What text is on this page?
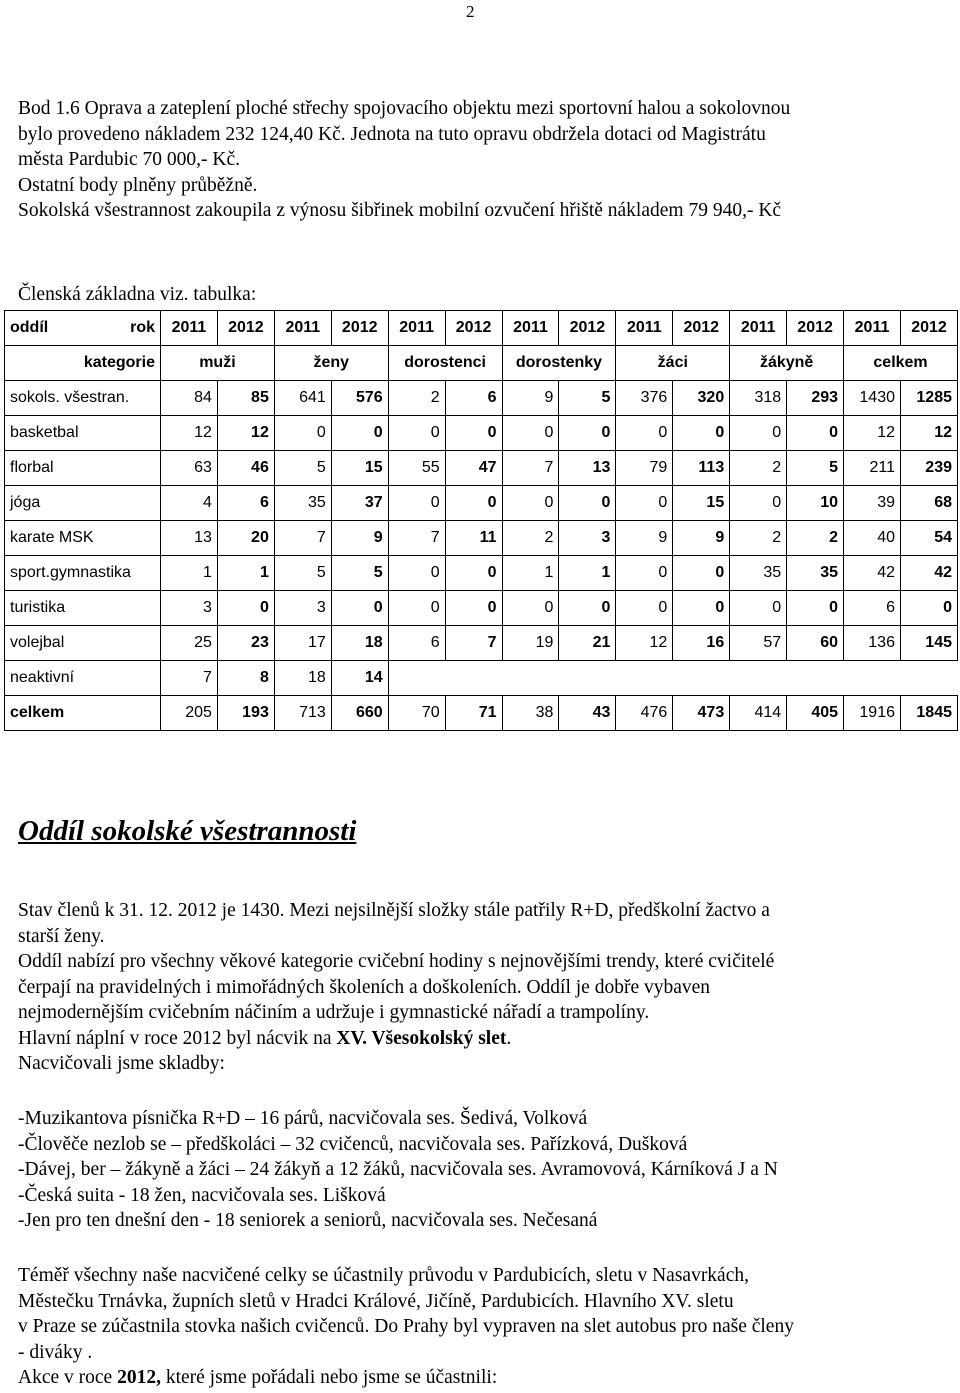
2
Bod 1.6 Oprava a zateplení ploché střechy spojovacího objektu mezi sportovní halou a sokolovnou
bylo provedeno nákladem 232 124,40 Kč. Jednota na tuto opravu obdržela dotaci od Magistrátu
města Pardubic 70 000,- Kč.
Ostatní body plněny průběžně.
Sokolská všestrannost zakoupila z výnosu šibřinek mobilní ozvučení hřiště nákladem 79 940,- Kč
Členská základna viz. tabulka:
oddíl rok	2011	2012	2011	2012	2011	2012	2011	2012	2011	2012	2011	2012	2011	2012
kategorie	muži		ženy		dorostenci		dorostenky		žáci		žákyně		celkem	
sokols. všestran.	84	85	641	576	2	6	9	5	376	320	318	293	1430	1285
basketbal	12	12	0	0	0	0	0	0	0	0	0	0	12	12
florbal	63	46	5	15	55	47	7	13	79	113	2	5	211	239
jóga	4	6	35	37	0	0	0	0	0	15	0	10	39	68
karate MSK	13	20	7	9	7	11	2	3	9	9	2	2	40	54
sport.gymnastika	1	1	5	5	0	0	1	1	0	0	35	35	42	42
turistika	3	0	3	0	0	0	0	0	0	0	0	0	6	0
volejbal	25	23	17	18	6	7	19	21	12	16	57	60	136	145
neaktivní	7	8	18	14										
celkem	205	193	713	660	70	71	38	43	476	473	414	405	1916	1845
Oddíl sokolské všestrannosti
Stav členů k 31. 12. 2012 je 1430. Mezi nejsilnější složky stále patřily R+D, předškolní žactvo a
starší ženy.
Oddíl nabízí pro všechny věkové kategorie cvičební hodiny s nejnovějšími trendy, které cvičitelé
čerpají na pravidelných i mimořádných školeních a doškoleních. Oddíl je dobře vybaven
nejmodernějším cvičebním náčiním a udržuje i gymnastické nářadí a trampolíny.
Hlavní náplní v roce 2012 byl nácvik na XV. Všesokolský slet.
Nacvičovali jsme skladby:
-Muzikantova písnička R+D – 16 párů, nacvičovala ses. Šedivá, Volková
-Člověče nezlob se – předškoláci – 32 cvičenců, nacvičovala ses. Pařízková, Dušková
-Dávej, ber – žákyně a žáci – 24 žákyň a 12 žáků, nacvičovala ses. Avramovová, Kárníková J a N
-Česká suita - 18 žen, nacvičovala ses. Lišková
-Jen pro ten dnešní den - 18 seniorek a seniorů, nacvičovala ses. Nečesaná
Téměř všechny naše nacvičené celky se účastnily průvodu v Pardubicích, sletu v Nasavrkách,
Městečku Trnávka, župních sletů v Hradci Králové, Jičíně, Pardubicích. Hlavního XV. sletu
v Praze se zúčastnila stovka našich cvičenců. Do Prahy byl vypraven na slet autobus pro naše členy
- diváky .
Akce v roce 2012, které jsme pořádali nebo jsme se účastnili:
